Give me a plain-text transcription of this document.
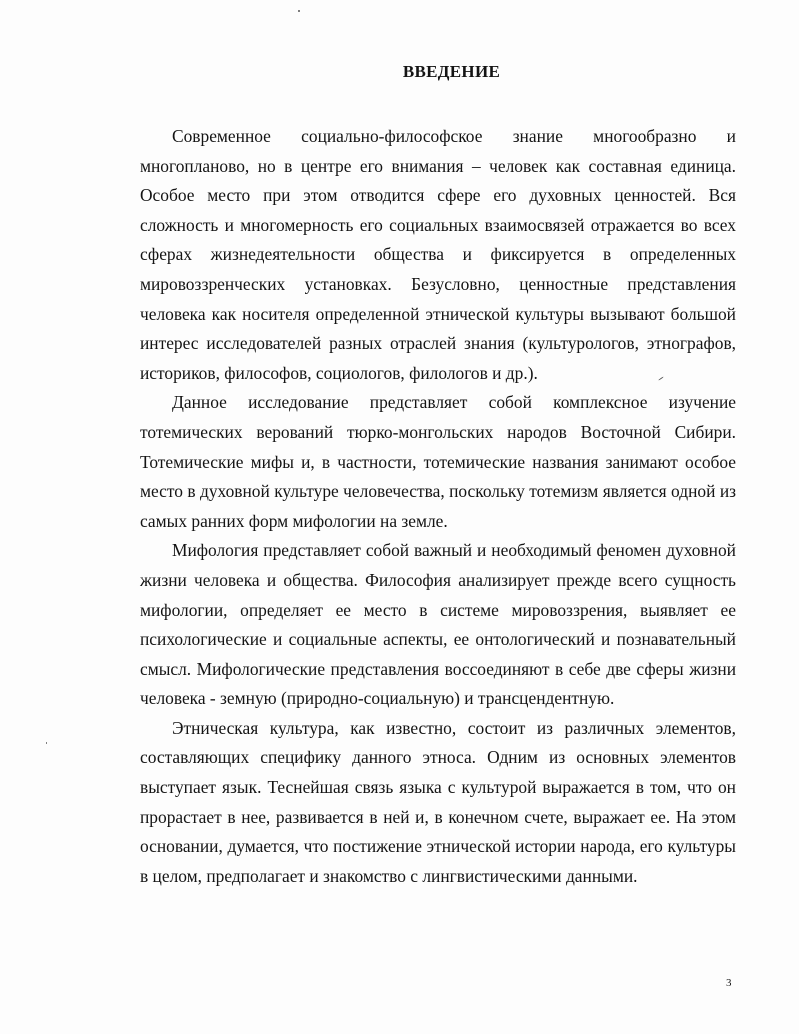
ВВЕДЕНИЕ

Современное социально-философское знание многообразно и многопланово, но в центре его внимания – человек как составная единица. Особое место при этом отводится сфере его духовных ценностей. Вся сложность и многомерность его социальных взаимосвязей отражается во всех сферах жизнедеятельности общества и фиксируется в определенных мировоззренческих установках. Безусловно, ценностные представления человека как носителя определенной этнической культуры вызывают большой интерес исследователей разных отраслей знания (культурологов, этнографов, историков, философов, социологов, филологов и др.).

Данное исследование представляет собой комплексное изучение тотемических верований тюрко-монгольских народов Восточной Сибири. Тотемические мифы и, в частности, тотемические названия занимают особое место в духовной культуре человечества, поскольку тотемизм является одной из самых ранних форм мифологии на земле.

Мифология представляет собой важный и необходимый феномен духовной жизни человека и общества. Философия анализирует прежде всего сущность мифологии, определяет ее место в системе мировоззрения, выявляет ее психологические и социальные аспекты, ее онтологический и познавательный смысл. Мифологические представления воссоединяют в себе две сферы жизни человека - земную (природно-социальную) и трансцендентную.

Этническая культура, как известно, состоит из различных элементов, составляющих специфику данного этноса. Одним из основных элементов выступает язык. Теснейшая связь языка с культурой выражается в том, что он прорастает в нее, развивается в ней и, в конечном счете, выражает ее. На этом основании, думается, что постижение этнической истории народа, его культуры в целом, предполагает и знакомство с лингвистическими данными.

3
